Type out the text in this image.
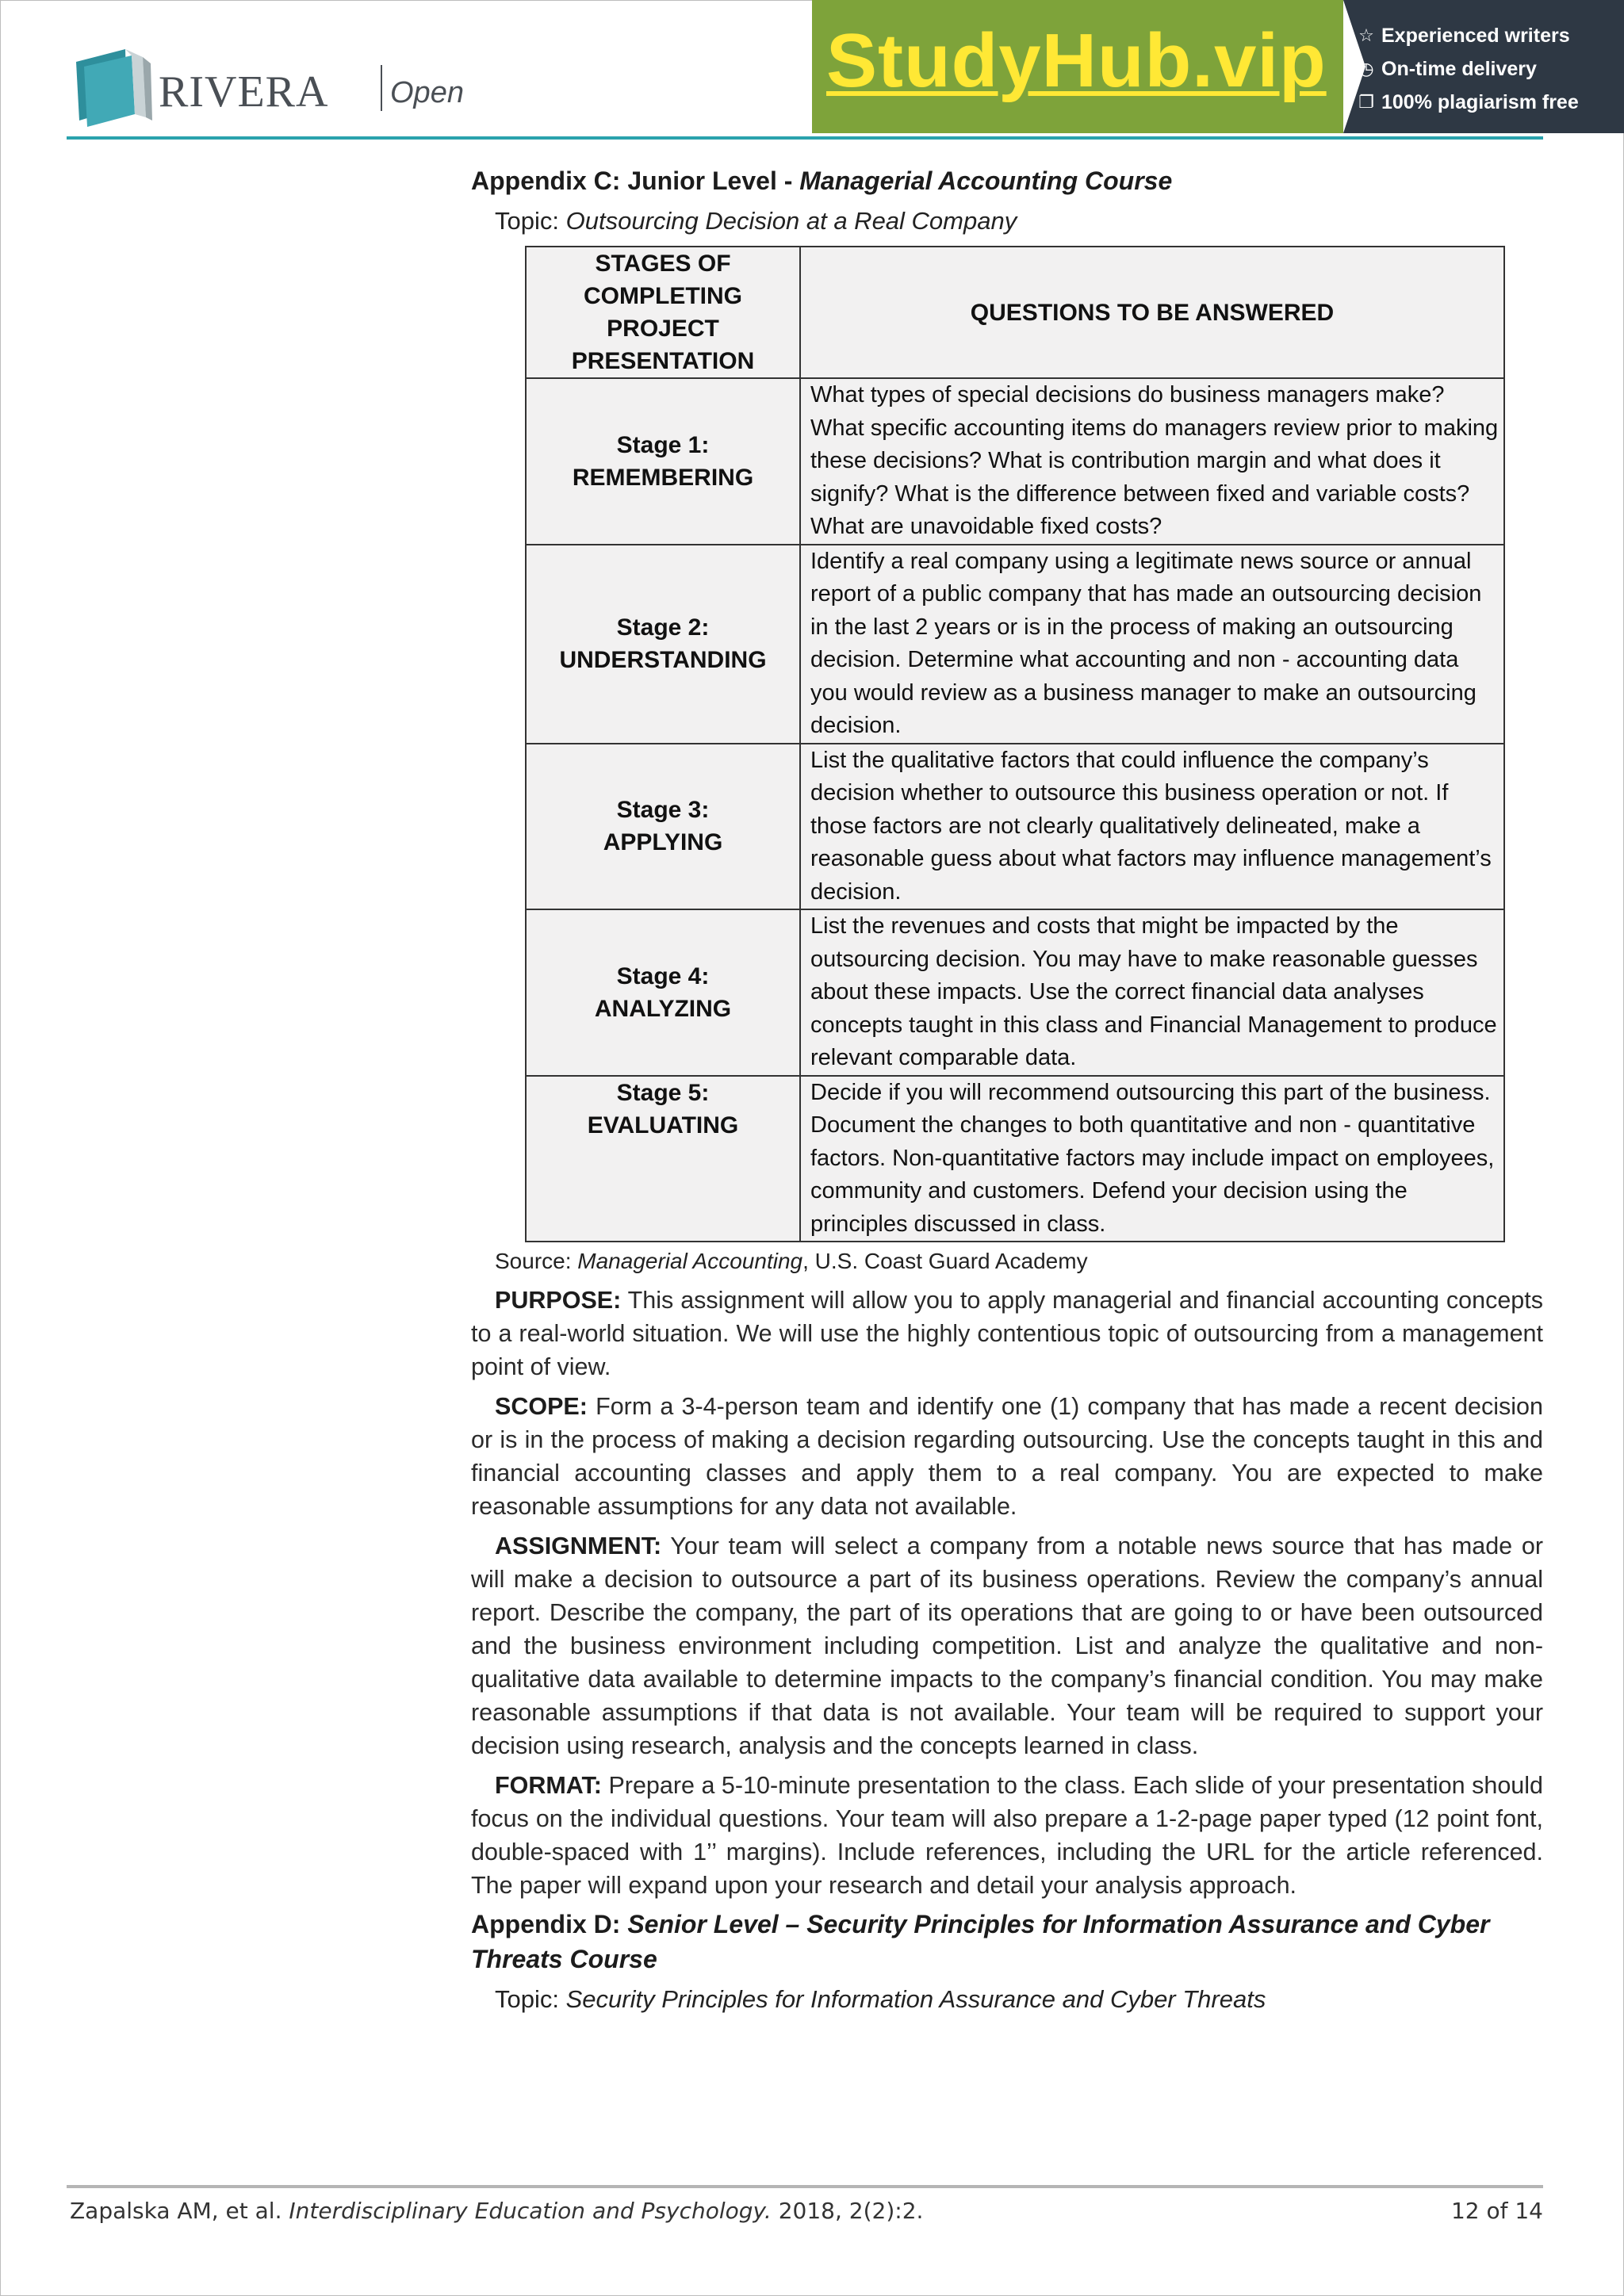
RIVERA Open	StudyHub.vip ☆ Experienced writers
◷ On-time delivery
❐ 100% plagiarism free
Appendix C: Junior Level - Managerial Accounting Course
Topic: Outsourcing Decision at a Real Company
STAGES OF COMPLETING PROJECT PRESENTATION	QUESTIONS TO BE ANSWERED

Stage 1:
REMEMBERING	What types of special decisions do business managers make? What specific accounting items do managers review prior to making these decisions? What is contribution margin and what does it signify? What is the difference between fixed and variable costs? What are unavoidable fixed costs?

Stage 2:
UNDERSTANDING	Identify a real company using a legitimate news source or annual report of a public company that has made an outsourcing decision in the last 2 years or is in the process of making an outsourcing decision. Determine what accounting and non - accounting data you would review as a business manager to make an outsourcing decision.

Stage 3:
APPLYING	List the qualitative factors that could influence the company’s decision whether to outsource this business operation or not. If those factors are not clearly qualitatively delineated, make a reasonable guess about what factors may influence management’s decision.

Stage 4:
ANALYZING	List the revenues and costs that might be impacted by the outsourcing decision. You may have to make reasonable guesses about these impacts. Use the correct financial data analyses concepts taught in this class and Financial Management to produce relevant comparable data.

Stage 5:
EVALUATING	Decide if you will recommend outsourcing this part of the business. Document the changes to both quantitative and non - quantitative factors. Non-quantitative factors may include impact on employees, community and customers. Defend your decision using the principles discussed in class.
Source: Managerial Accounting, U.S. Coast Guard Academy

PURPOSE: This assignment will allow you to apply managerial and financial accounting concepts to a real-world situation. We will use the highly contentious topic of outsourcing from a management point of view.

SCOPE: Form a 3-4-person team and identify one (1) company that has made a recent decision or is in the process of making a decision regarding outsourcing. Use the concepts taught in this and financial accounting classes and apply them to a real company. You are expected to make reasonable assumptions for any data not available.

ASSIGNMENT: Your team will select a company from a notable news source that has made or will make a decision to outsource a part of its business operations. Review the company’s annual report. Describe the company, the part of its operations that are going to or have been outsourced and the business environment including competition. List and analyze the qualitative and non-qualitative data available to determine impacts to the company’s financial condition. You may make reasonable assumptions if that data is not available. Your team will be required to support your decision using research, analysis and the concepts learned in class.

FORMAT: Prepare a 5-10-minute presentation to the class. Each slide of your presentation should focus on the individual questions. Your team will also prepare a 1-2-page paper typed (12 point font, double-spaced with 1’’ margins). Include references, including the URL for the article referenced. The paper will expand upon your research and detail your analysis approach.

Appendix D: Senior Level – Security Principles for Information Assurance and Cyber Threats Course
Topic: Security Principles for Information Assurance and Cyber Threats
Zapalska AM, et al. Interdisciplinary Education and Psychology. 2018, 2(2):2.	12 of 14
